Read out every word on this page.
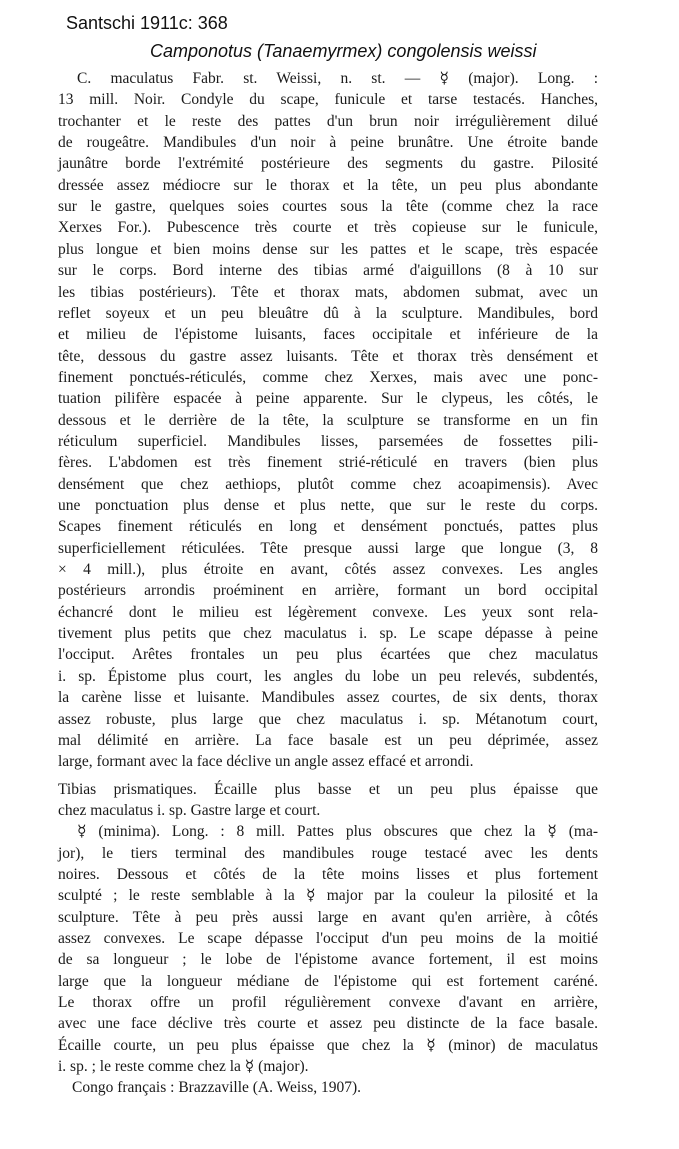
Santschi 1911c: 368
Camponotus (Tanaemyrmex) congolensis weissi
C. maculatus Fabr. st. Weissi, n. st. — ☿ (major). Long. :
13 mill. Noir. Condyle du scape, funicule et tarse testacés. Hanches,
trochanter et le reste des pattes d'un brun noir irrégulièrement dilué
de rougeâtre. Mandibules d'un noir à peine brunâtre. Une étroite bande
jaunâtre borde l'extrémité postérieure des segments du gastre. Pilosité
dressée assez médiocre sur le thorax et la tête, un peu plus abondante
sur le gastre, quelques soies courtes sous la tête (comme chez la race
Xerxes For.). Pubescence très courte et très copieuse sur le funicule,
plus longue et bien moins dense sur les pattes et le scape, très espacée
sur le corps. Bord interne des tibias armé d'aiguillons (8 à 10 sur
les tibias postérieurs). Tête et thorax mats, abdomen submat, avec un
reflet soyeux et un peu bleuâtre dû à la sculpture. Mandibules, bord
et milieu de l'épistome luisants, faces occipitale et inférieure de la
tête, dessous du gastre assez luisants. Tête et thorax très densément et
finement ponctués-réticulés, comme chez Xerxes, mais avec une ponc-
tuation pilifère espacée à peine apparente. Sur le clypeus, les côtés, le
dessous et le derrière de la tête, la sculpture se transforme en un fin
réticulum superficiel. Mandibules lisses, parsemées de fossettes pili-
fères. L'abdomen est très finement strié-réticulé en travers (bien plus
densément que chez aethiops, plutôt comme chez acoapimensis). Avec
une ponctuation plus dense et plus nette, que sur le reste du corps.
Scapes finement réticulés en long et densément ponctués, pattes plus
superficiellement réticulées. Tête presque aussi large que longue (3, 8
× 4 mill.), plus étroite en avant, côtés assez convexes. Les angles
postérieurs arrondis proéminent en arrière, formant un bord occipital
échancré dont le milieu est légèrement convexe. Les yeux sont rela-
tivement plus petits que chez maculatus i. sp. Le scape dépasse à peine
l'occiput. Arêtes frontales un peu plus écartées que chez maculatus
i. sp. Épistome plus court, les angles du lobe un peu relevés, subdentés,
la carène lisse et luisante. Mandibules assez courtes, de six dents, thorax
assez robuste, plus large que chez maculatus i. sp. Métanotum court,
mal délimité en arrière. La face basale est un peu déprimée, assez
large, formant avec la face déclive un angle assez effacé et arrondi.
Tibias prismatiques. Écaille plus basse et un peu plus épaisse que
chez maculatus i. sp. Gastre large et court.
☿ (minima). Long. : 8 mill. Pattes plus obscures que chez la ☿ (ma-
jor), le tiers terminal des mandibules rouge testacé avec les dents
noires. Dessous et côtés de la tête moins lisses et plus fortement
sculpté ; le reste semblable à la ☿ major par la couleur la pilosité et la
sculpture. Tête à peu près aussi large en avant qu'en arrière, à côtés
assez convexes. Le scape dépasse l'occiput d'un peu moins de la moitié
de sa longueur ; le lobe de l'épistome avance fortement, il est moins
large que la longueur médiane de l'épistome qui est fortement caréné.
Le thorax offre un profil régulièrement convexe d'avant en arrière,
avec une face déclive très courte et assez peu distincte de la face basale.
Écaille courte, un peu plus épaisse que chez la ☿ (minor) de maculatus
i. sp. ; le reste comme chez la ☿ (major).
Congo français : Brazzaville (A. Weiss, 1907).
